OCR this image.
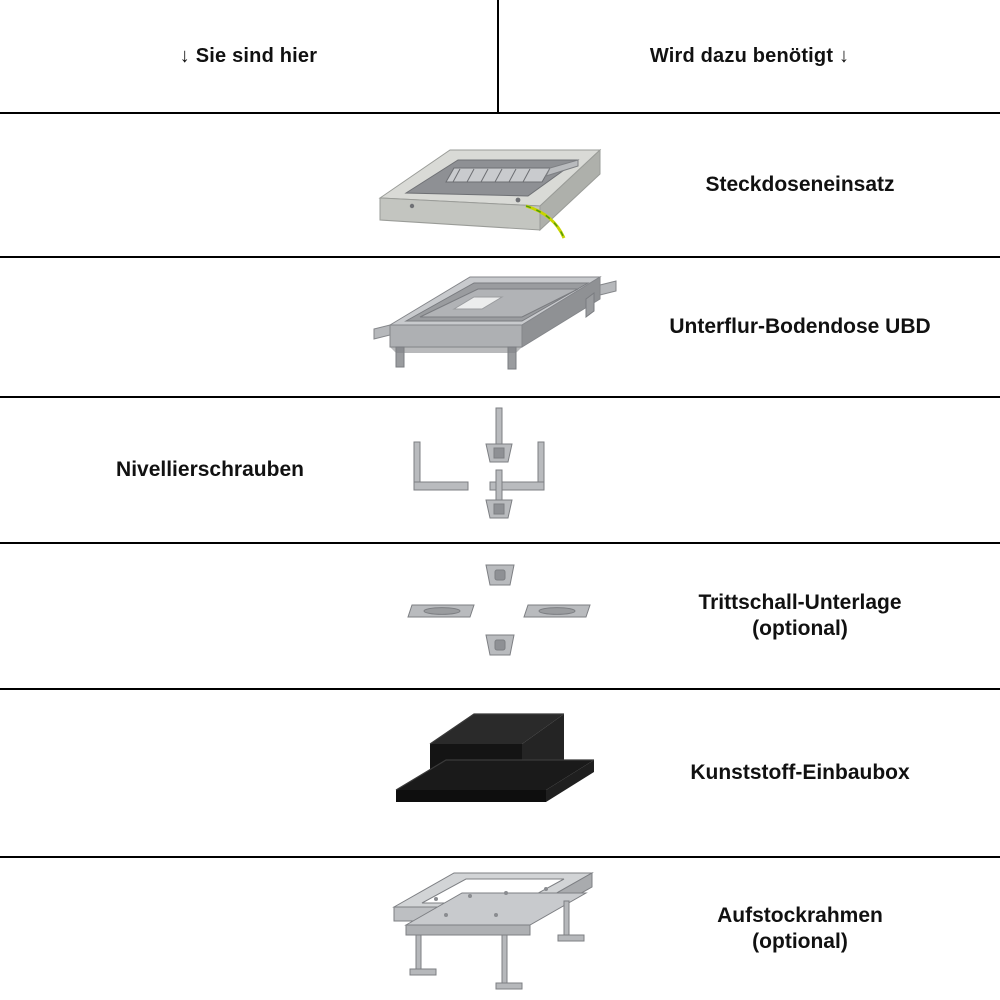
↓ Sie sind hier	Wird dazu benötigt ↓
Steckdoseneinsatz
Unterflur-Bodendose UBD
Nivellierschrauben
Trittschall-Unterlage
(optional)
Kunststoff-Einbaubox
Aufstockrahmen
(optional)
